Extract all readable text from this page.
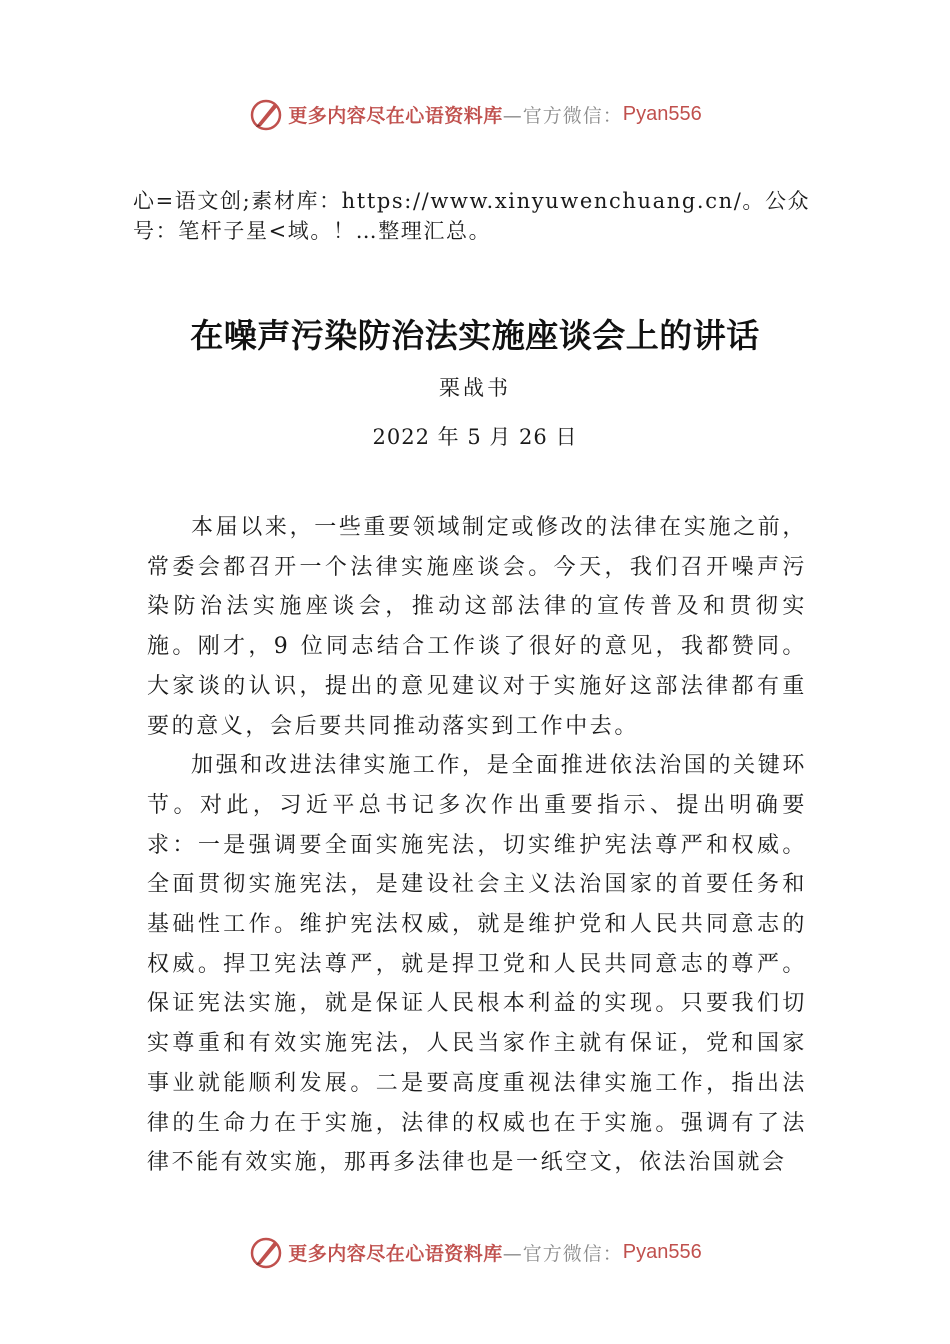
更多内容尽在心语资料库 —官方微信： Pyan556
心=语文创;素材库：https://www.xinyuwenchuang.cn/。公众号：笔杆子星<域。！…整理汇总。
在噪声污染防治法实施座谈会上的讲话
栗战书
2022 年 5 月 26 日

本届以来，一些重要领域制定或修改的法律在实施之前，常委会都召开一个法律实施座谈会。今天，我们召开噪声污染防治法实施座谈会，推动这部法律的宣传普及和贯彻实施。刚才，9 位同志结合工作谈了很好的意见，我都赞同。大家谈的认识，提出的意见建议对于实施好这部法律都有重要的意义，会后要共同推动落实到工作中去。

加强和改进法律实施工作，是全面推进依法治国的关键环节。对此，习近平总书记多次作出重要指示、提出明确要求：一是强调要全面实施宪法，切实维护宪法尊严和权威。全面贯彻实施宪法，是建设社会主义法治国家的首要任务和基础性工作。维护宪法权威，就是维护党和人民共同意志的权威。捍卫宪法尊严，就是捍卫党和人民共同意志的尊严。保证宪法实施，就是保证人民根本利益的实现。只要我们切实尊重和有效实施宪法，人民当家作主就有保证，党和国家事业就能顺利发展。二是要高度重视法律实施工作，指出法律的生命力在于实施，法律的权威也在于实施。强调有了法律不能有效实施，那再多法律也是一纸空文，依法治国就会

更多内容尽在心语资料库 —官方微信： Pyan556
